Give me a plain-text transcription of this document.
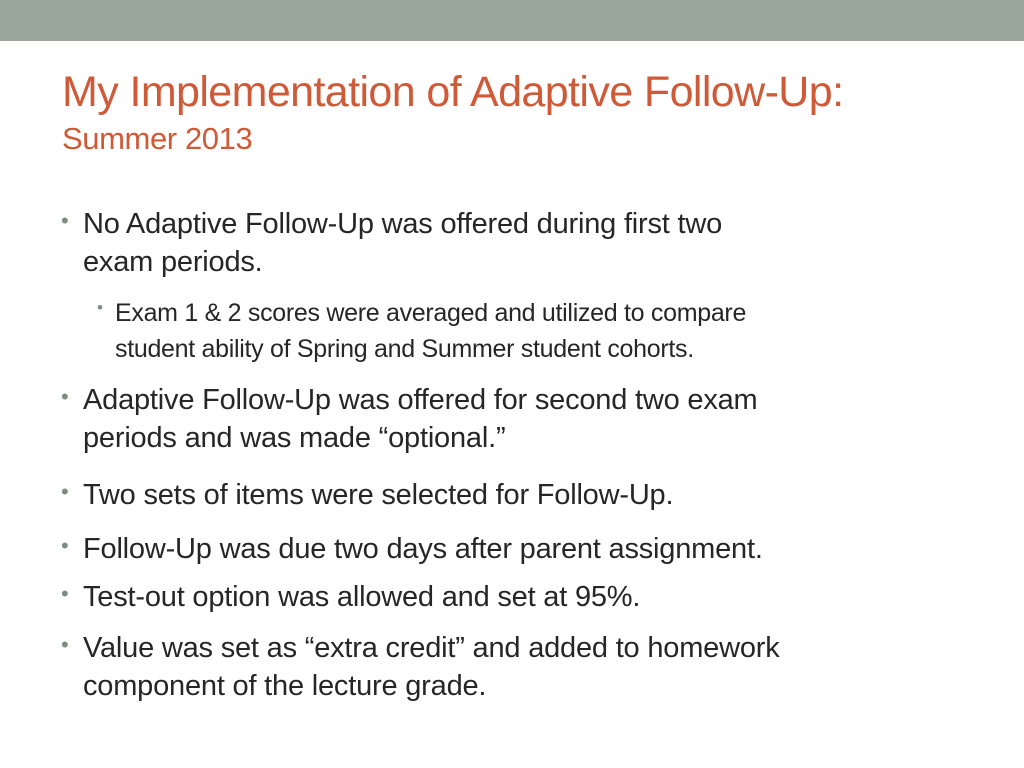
My Implementation of Adaptive Follow-Up:
Summer 2013
• No Adaptive Follow-Up was offered during first two
exam periods.
• Exam 1 & 2 scores were averaged and utilized to compare
student ability of Spring and Summer student cohorts.
• Adaptive Follow-Up was offered for second two exam
periods and was made “optional.”
• Two sets of items were selected for Follow-Up.
• Follow-Up was due two days after parent assignment.
• Test-out option was allowed and set at 95%.
• Value was set as “extra credit” and added to homework
component of the lecture grade.
